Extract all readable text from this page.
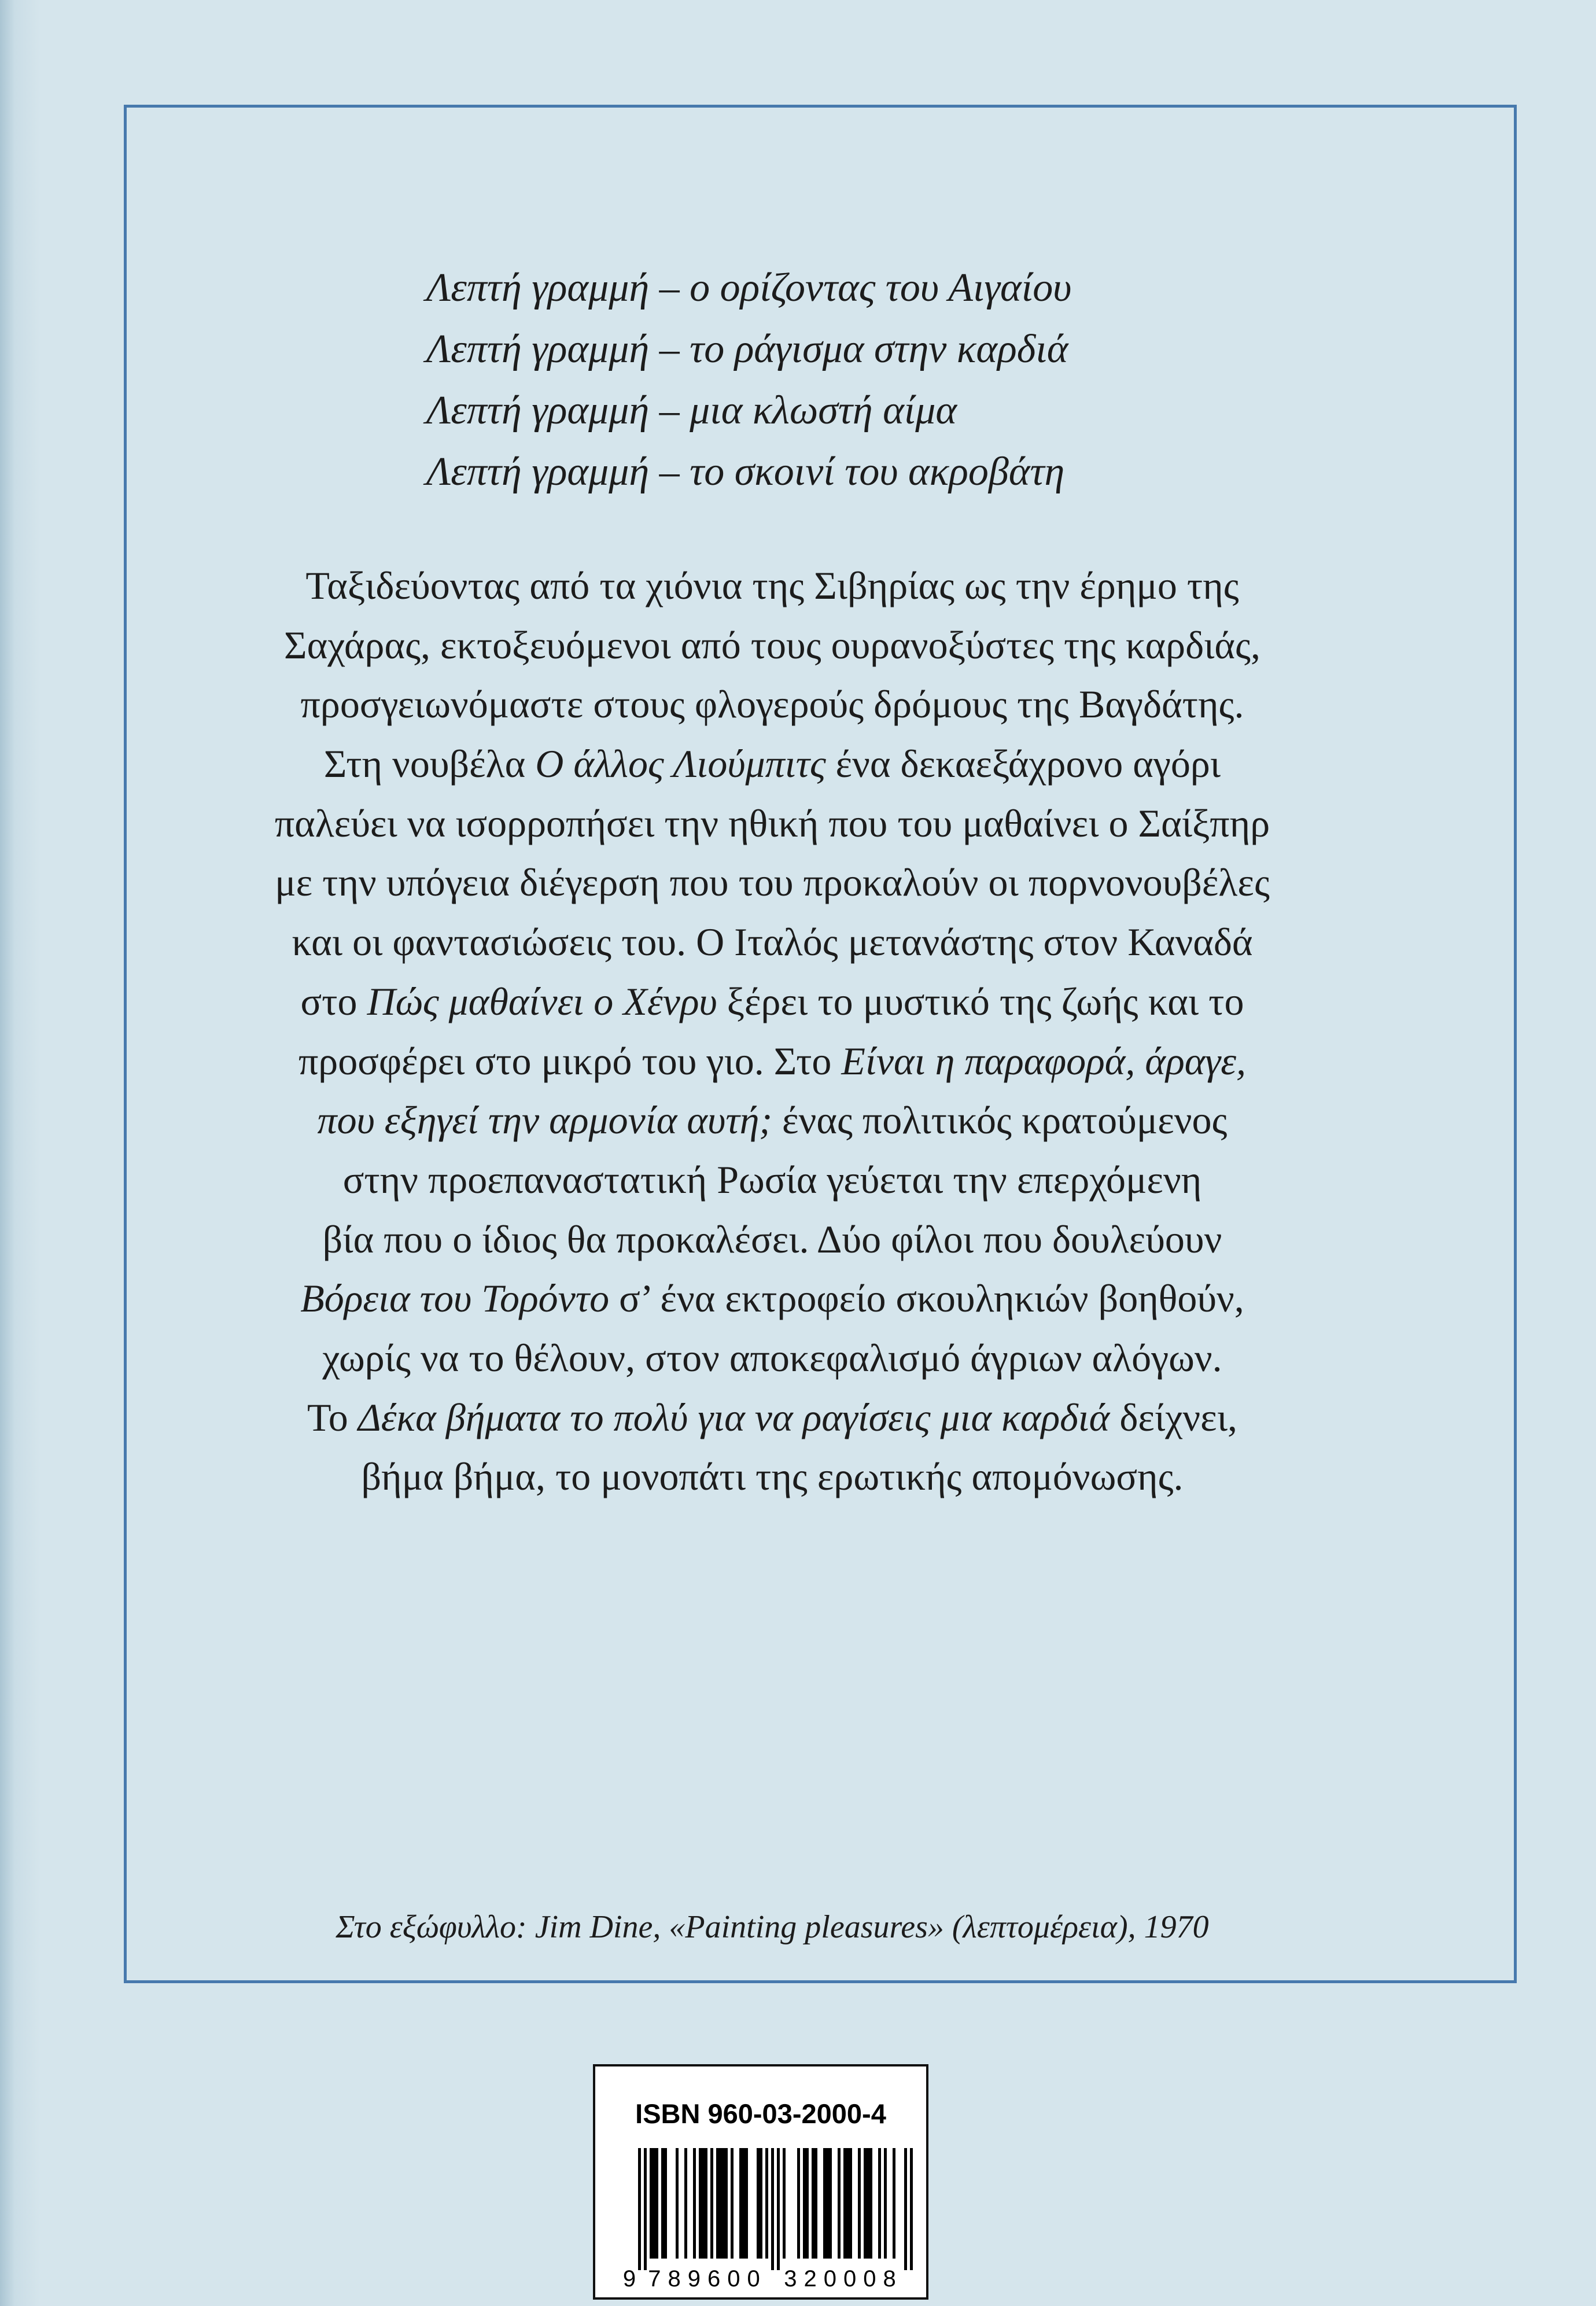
Λεπτή γραμμή – ο ορίζοντας του Αιγαίου
Λεπτή γραμμή – το ράγισμα στην καρδιά
Λεπτή γραμμή – μια κλωστή αίμα
Λεπτή γραμμή – το σκοινί του ακροβάτη
Ταξιδεύοντας από τα χιόνια της Σιβηρίας ως την έρημο της
Σαχάρας, εκτοξευόμενοι από τους ουρανοξύστες της καρδιάς,
προσγειωνόμαστε στους φλογερούς δρόμους της Βαγδάτης.
Στη νουβέλα Ο άλλος Λιούμπιτς ένα δεκαεξάχρονο αγόρι
παλεύει να ισορροπήσει την ηθική που του μαθαίνει ο Σαίξπηρ
με την υπόγεια διέγερση που του προκαλούν οι πορνονουβέλες
και οι φαντασιώσεις του. Ο Ιταλός μετανάστης στον Καναδά
στο Πώς μαθαίνει ο Χένρυ ξέρει το μυστικό της ζωής και το
προσφέρει στο μικρό του γιο. Στο Είναι η παραφορά, άραγε,
που εξηγεί την αρμονία αυτή; ένας πολιτικός κρατούμενος
στην προεπαναστατική Ρωσία γεύεται την επερχόμενη
βία που ο ίδιος θα προκαλέσει. Δύο φίλοι που δουλεύουν
Βόρεια του Τορόντο σ’ ένα εκτροφείο σκουληκιών βοηθούν,
χωρίς να το θέλουν, στον αποκεφαλισμό άγριων αλόγων.
Το Δέκα βήματα το πολύ για να ραγίσεις μια καρδιά δείχνει,
βήμα βήμα, το μονοπάτι της ερωτικής απομόνωσης.
Στο εξώφυλλο: Jim Dine, «Painting pleasures» (λεπτομέρεια), 1970
ISBN 960-03-2000-4
9 789600 320008
